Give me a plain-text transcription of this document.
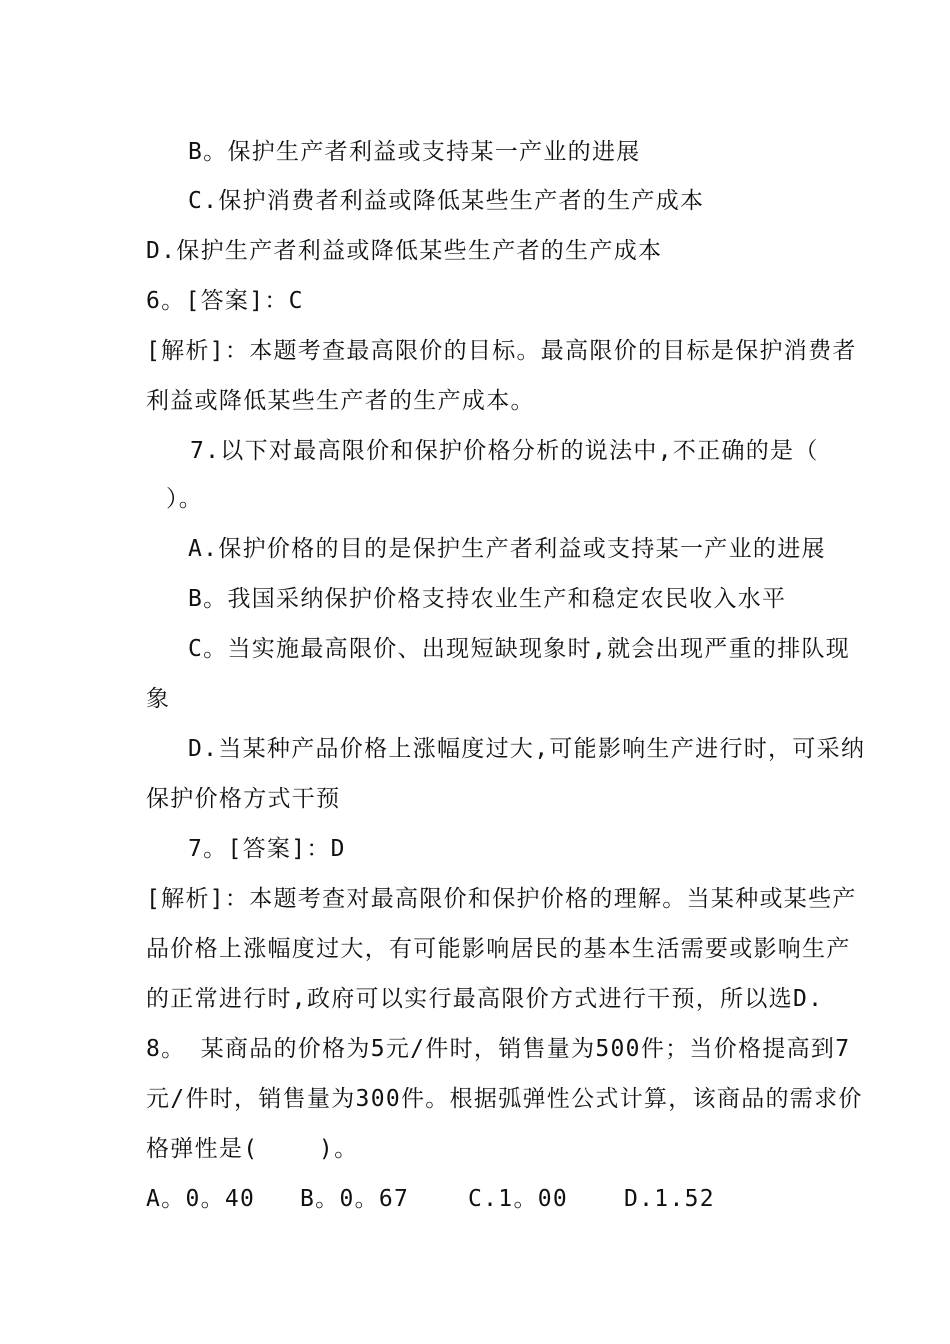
B。保护生产者利益或支持某一产业的进展
C.保护消费者利益或降低某些生产者的生产成本
D.保护生产者利益或降低某些生产者的生产成本
6。[答案]：C
[解析]：本题考查最高限价的目标。最高限价的目标是保护消费者
利益或降低某些生产者的生产成本。
7.以下对最高限价和保护价格分析的说法中,不正确的是（
）。
A.保护价格的目的是保护生产者利益或支持某一产业的进展
B。我国采纳保护价格支持农业生产和稳定农民收入水平
C。当实施最高限价、出现短缺现象时,就会出现严重的排队现
象
D.当某种产品价格上涨幅度过大,可能影响生产进行时，可采纳
保护价格方式干预
7。[答案]：D
[解析]：本题考查对最高限价和保护价格的理解。当某种或某些产
品价格上涨幅度过大，有可能影响居民的基本生活需要或影响生产
的正常进行时,政府可以实行最高限价方式进行干预，所以选D.
8。 某商品的价格为5元/件时，销售量为500件；当价格提高到7
元/件时，销售量为300件。根据弧弹性公式计算，该商品的需求价
格弹性是(    )。
A。0。40 B。0。67	C.1。00 D.1.52
